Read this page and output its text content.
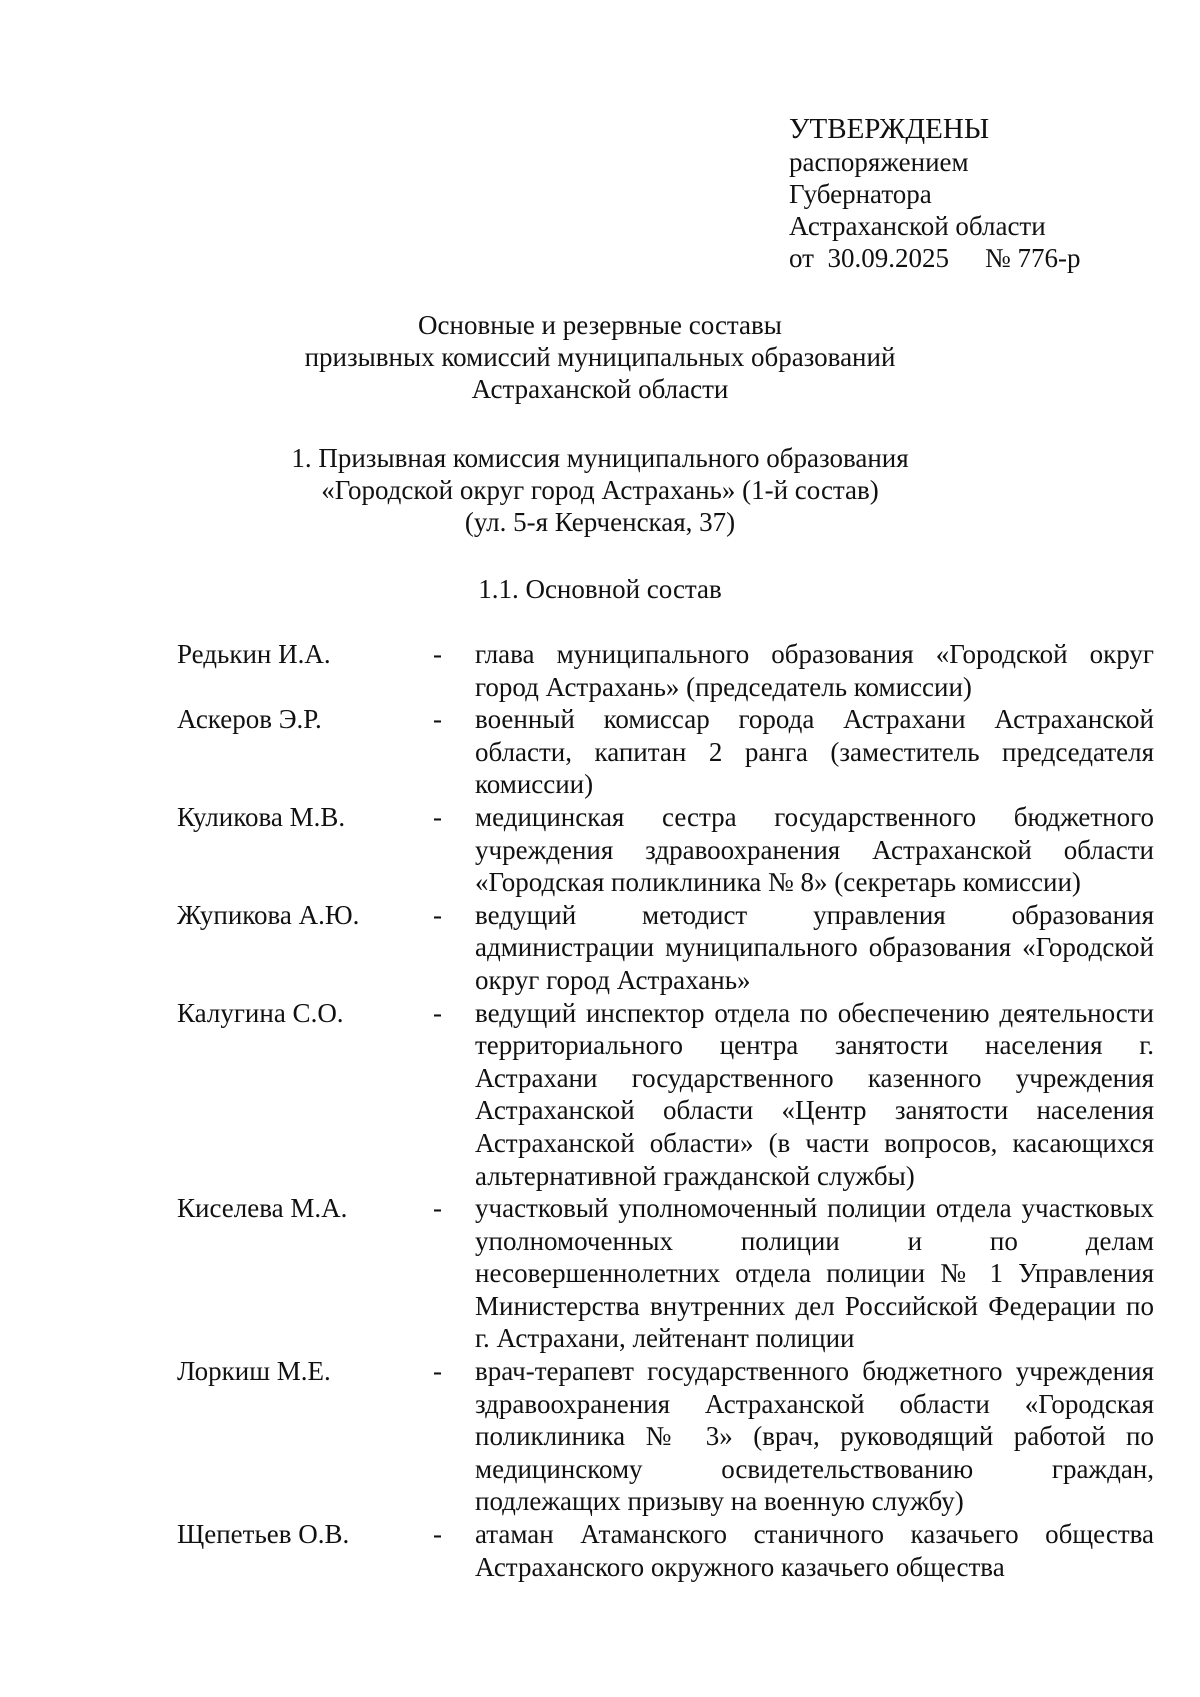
УТВЕРЖДЕНЫ
распоряжением
Губернатора
Астраханской области
от 30.09.2025 № 776-р
Основные и резервные составы
призывных комиссий муниципальных образований
Астраханской области
1. Призывная комиссия муниципального образования
«Городской округ город Астрахань» (1-й состав)
(ул. 5-я Керченская, 37)
1.1. Основной состав
Редькин И.А.	-	глава муниципального образования «Городской округ город Астрахань» (председатель комиссии)
Аскеров Э.Р.	-	военный комиссар города Астрахани Астраханской области, капитан 2 ранга (заместитель председателя комиссии)
Куликова М.В.	-	медицинская сестра государственного бюджетного учреждения здравоохранения Астраханской области «Городская поликлиника № 8» (секретарь комиссии)
Жупикова А.Ю.	-	ведущий методист управления образования администрации муниципального образования «Городской округ город Астрахань»
Калугина С.О.	-	ведущий инспектор отдела по обеспечению деятельности территориального центра занятости населения г. Астрахани государственного казенного учреждения Астраханской области «Центр занятости населения Астраханской области» (в части вопросов, касающихся альтернативной гражданской службы)
Киселева М.А.	-	участковый уполномоченный полиции отдела участковых уполномоченных полиции и по делам несовершеннолетних отдела полиции № 1 Управления Министерства внутренних дел Российской Федерации по г. Астрахани, лейтенант полиции
Лоркиш М.Е.	-	врач-терапевт государственного бюджетного учреждения здравоохранения Астраханской области «Городская поликлиника № 3» (врач, руководящий работой по медицинскому освидетельствованию граждан, подлежащих призыву на военную службу)
Щепетьев О.В.	-	атаман Атаманского станичного казачьего общества Астраханского окружного казачьего общества
